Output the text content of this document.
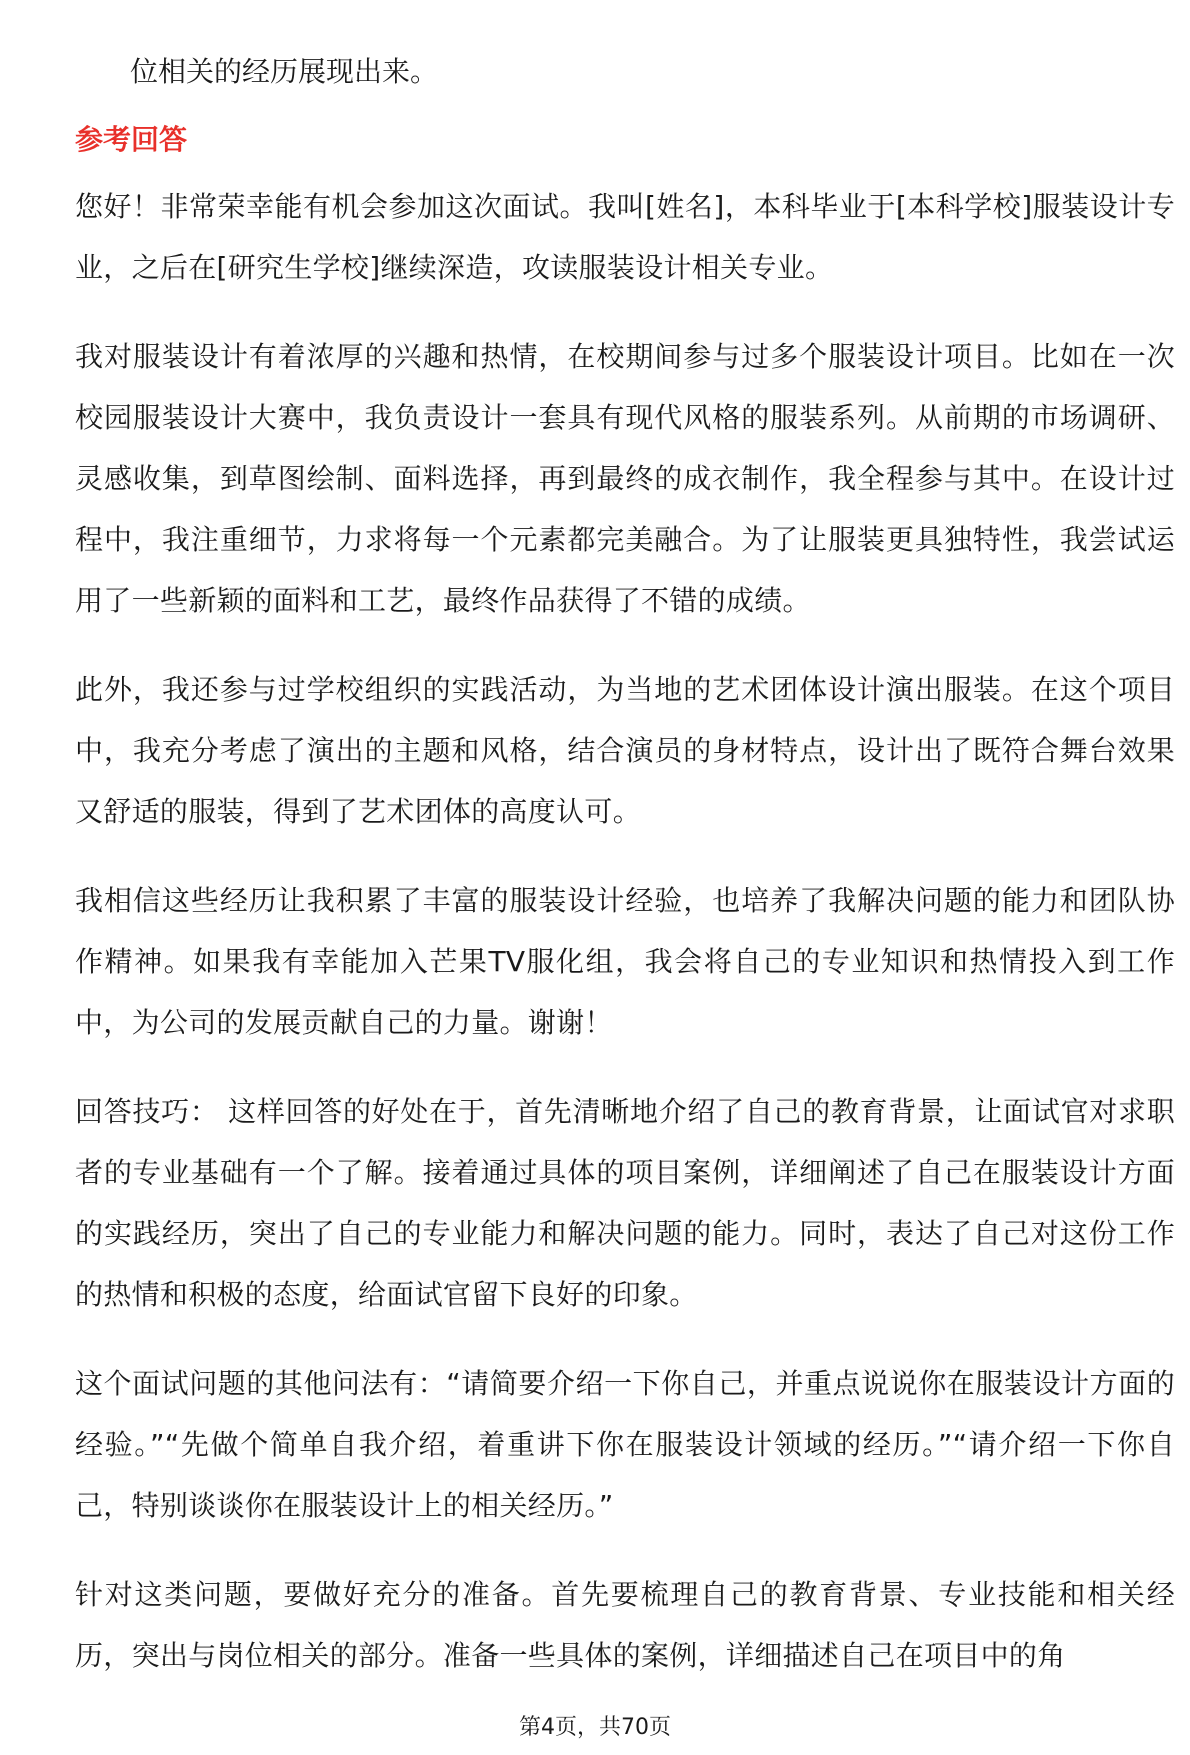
位相关的经历展现出来。

参考回答

您好！非常荣幸能有机会参加这次面试。我叫[姓名]，本科毕业于[本科学校]服装设计专业，之后在[研究生学校]继续深造，攻读服装设计相关专业。

我对服装设计有着浓厚的兴趣和热情，在校期间参与过多个服装设计项目。比如在一次校园服装设计大赛中，我负责设计一套具有现代风格的服装系列。从前期的市场调研、灵感收集，到草图绘制、面料选择，再到最终的成衣制作，我全程参与其中。在设计过程中，我注重细节，力求将每一个元素都完美融合。为了让服装更具独特性，我尝试运用了一些新颖的面料和工艺，最终作品获得了不错的成绩。

此外，我还参与过学校组织的实践活动，为当地的艺术团体设计演出服装。在这个项目中，我充分考虑了演出的主题和风格，结合演员的身材特点，设计出了既符合舞台效果又舒适的服装，得到了艺术团体的高度认可。

我相信这些经历让我积累了丰富的服装设计经验，也培养了我解决问题的能力和团队协作精神。如果我有幸能加入芒果TV服化组，我会将自己的专业知识和热情投入到工作中，为公司的发展贡献自己的力量。谢谢！

回答技巧： 这样回答的好处在于，首先清晰地介绍了自己的教育背景，让面试官对求职者的专业基础有一个了解。接着通过具体的项目案例，详细阐述了自己在服装设计方面的实践经历，突出了自己的专业能力和解决问题的能力。同时，表达了自己对这份工作的热情和积极的态度，给面试官留下良好的印象。

这个面试问题的其他问法有：“请简要介绍一下你自己，并重点说说你在服装设计方面的经验。”“先做个简单自我介绍，着重讲下你在服装设计领域的经历。”“请介绍一下你自己，特别谈谈你在服装设计上的相关经历。”

针对这类问题，要做好充分的准备。首先要梳理自己的教育背景、专业技能和相关经历，突出与岗位相关的部分。准备一些具体的案例，详细描述自己在项目中的角

第4页，共70页
